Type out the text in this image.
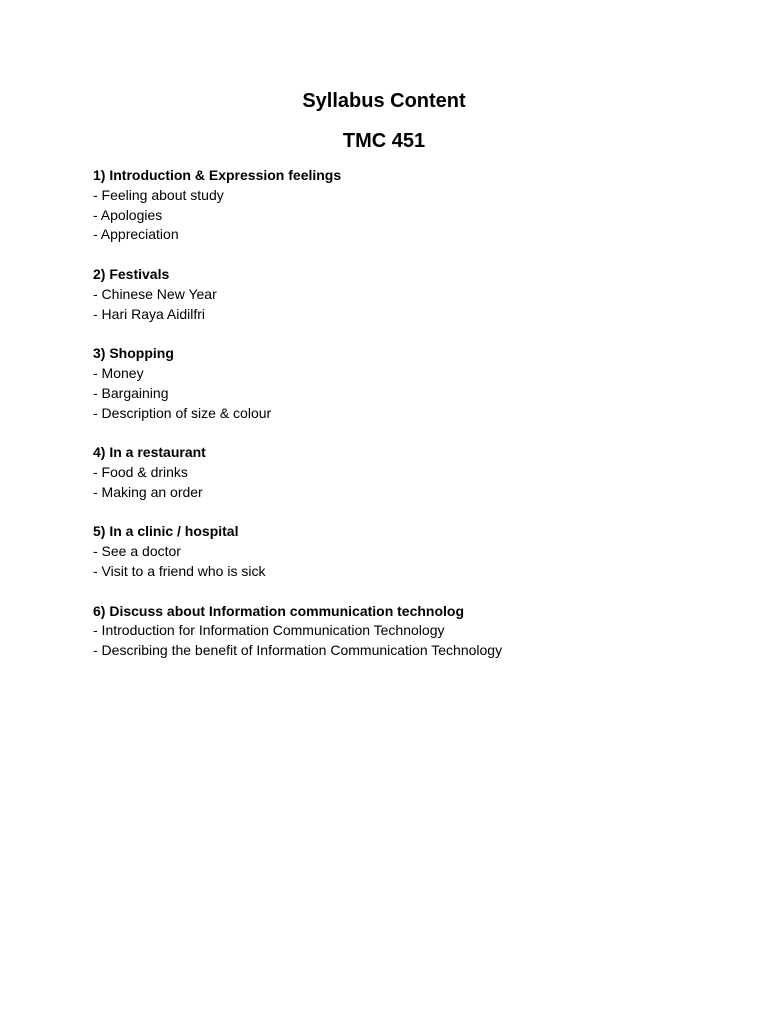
Syllabus Content
TMC 451

1) Introduction & Expression feelings

- Feeling about study

- Apologies

- Appreciation

2) Festivals

- Chinese New Year

- Hari Raya Aidilfri

3) Shopping

- Money

- Bargaining

- Description of size & colour

4) In a restaurant

- Food & drinks

- Making an order

5) In a clinic / hospital

- See a doctor

- Visit to a friend who is sick

6) Discuss about Information communication technolog

- Introduction for Information Communication Technology

- Describing the benefit of Information Communication Technology
